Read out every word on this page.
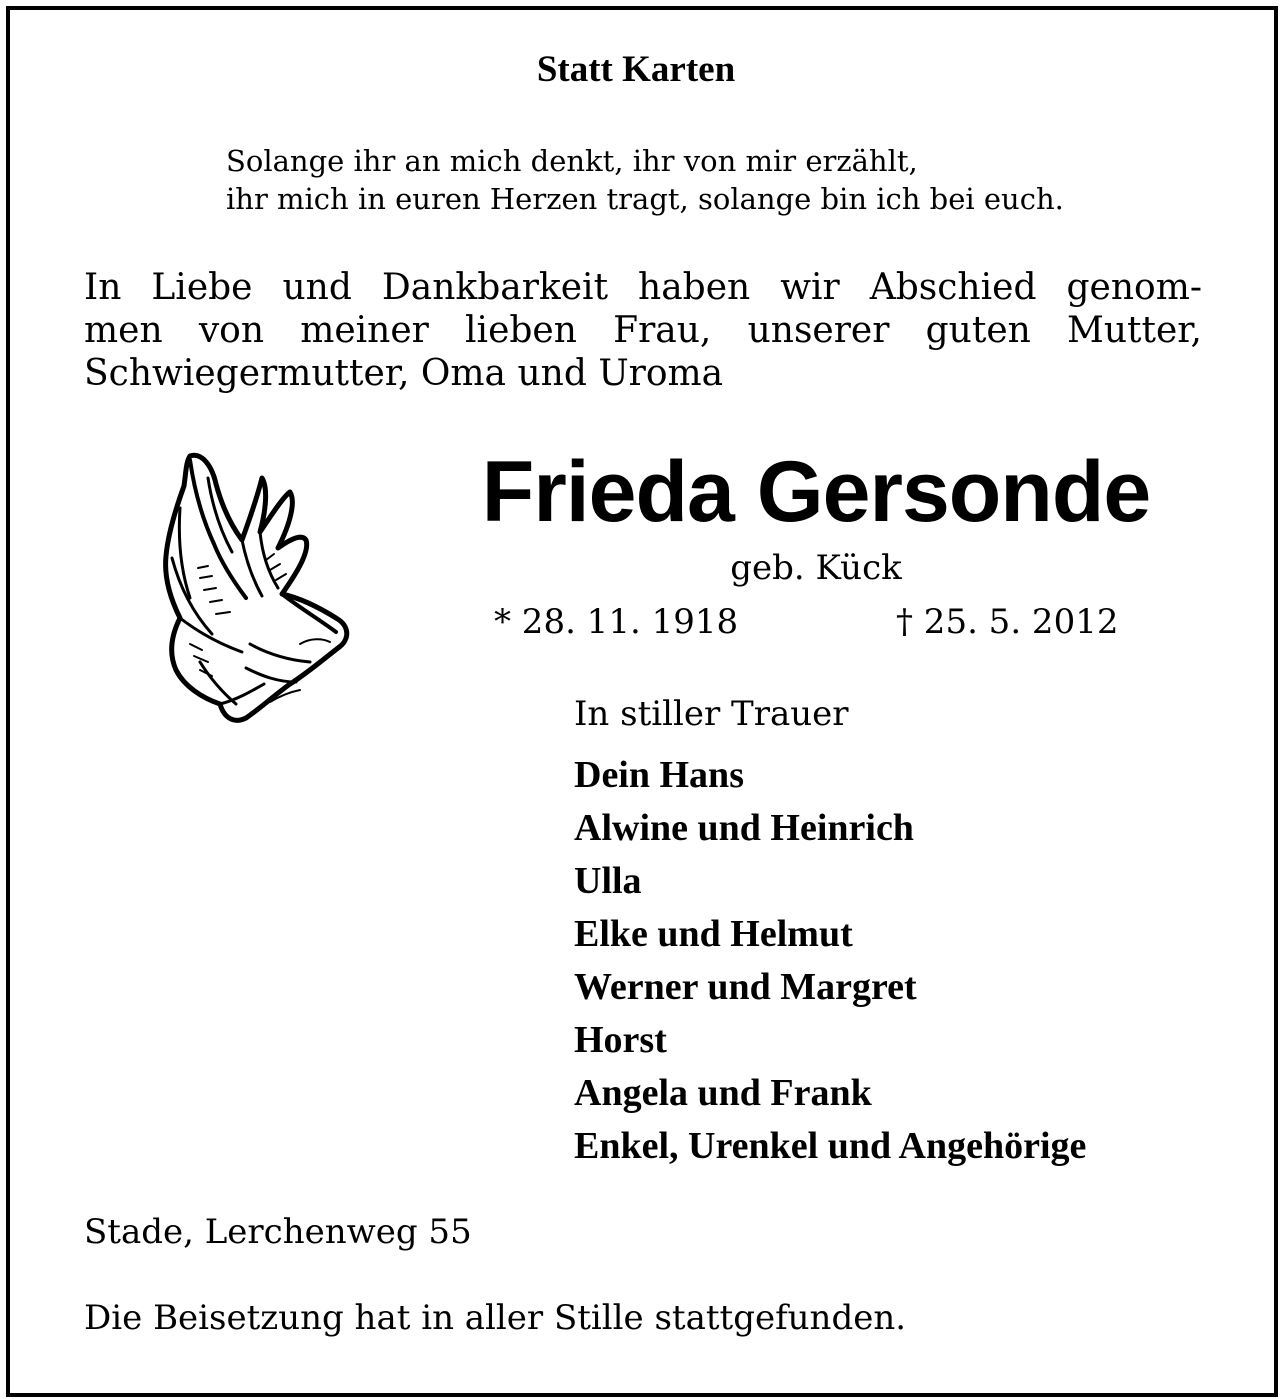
Statt Karten
Solange ihr an mich denkt, ihr von mir erzählt,
ihr mich in euren Herzen tragt, solange bin ich bei euch.
In Liebe und Dankbarkeit haben wir Abschied genom-
men von meiner lieben Frau, unserer guten Mutter,
Schwiegermutter, Oma und Uroma
Frieda Gersonde
geb. Kück
* 28. 11. 1918	† 25. 5. 2012
In stiller Trauer
Dein Hans
Alwine und Heinrich
Ulla
Elke und Helmut
Werner und Margret
Horst
Angela und Frank
Enkel, Urenkel und Angehörige
Stade, Lerchenweg 55
Die Beisetzung hat in aller Stille stattgefunden.
